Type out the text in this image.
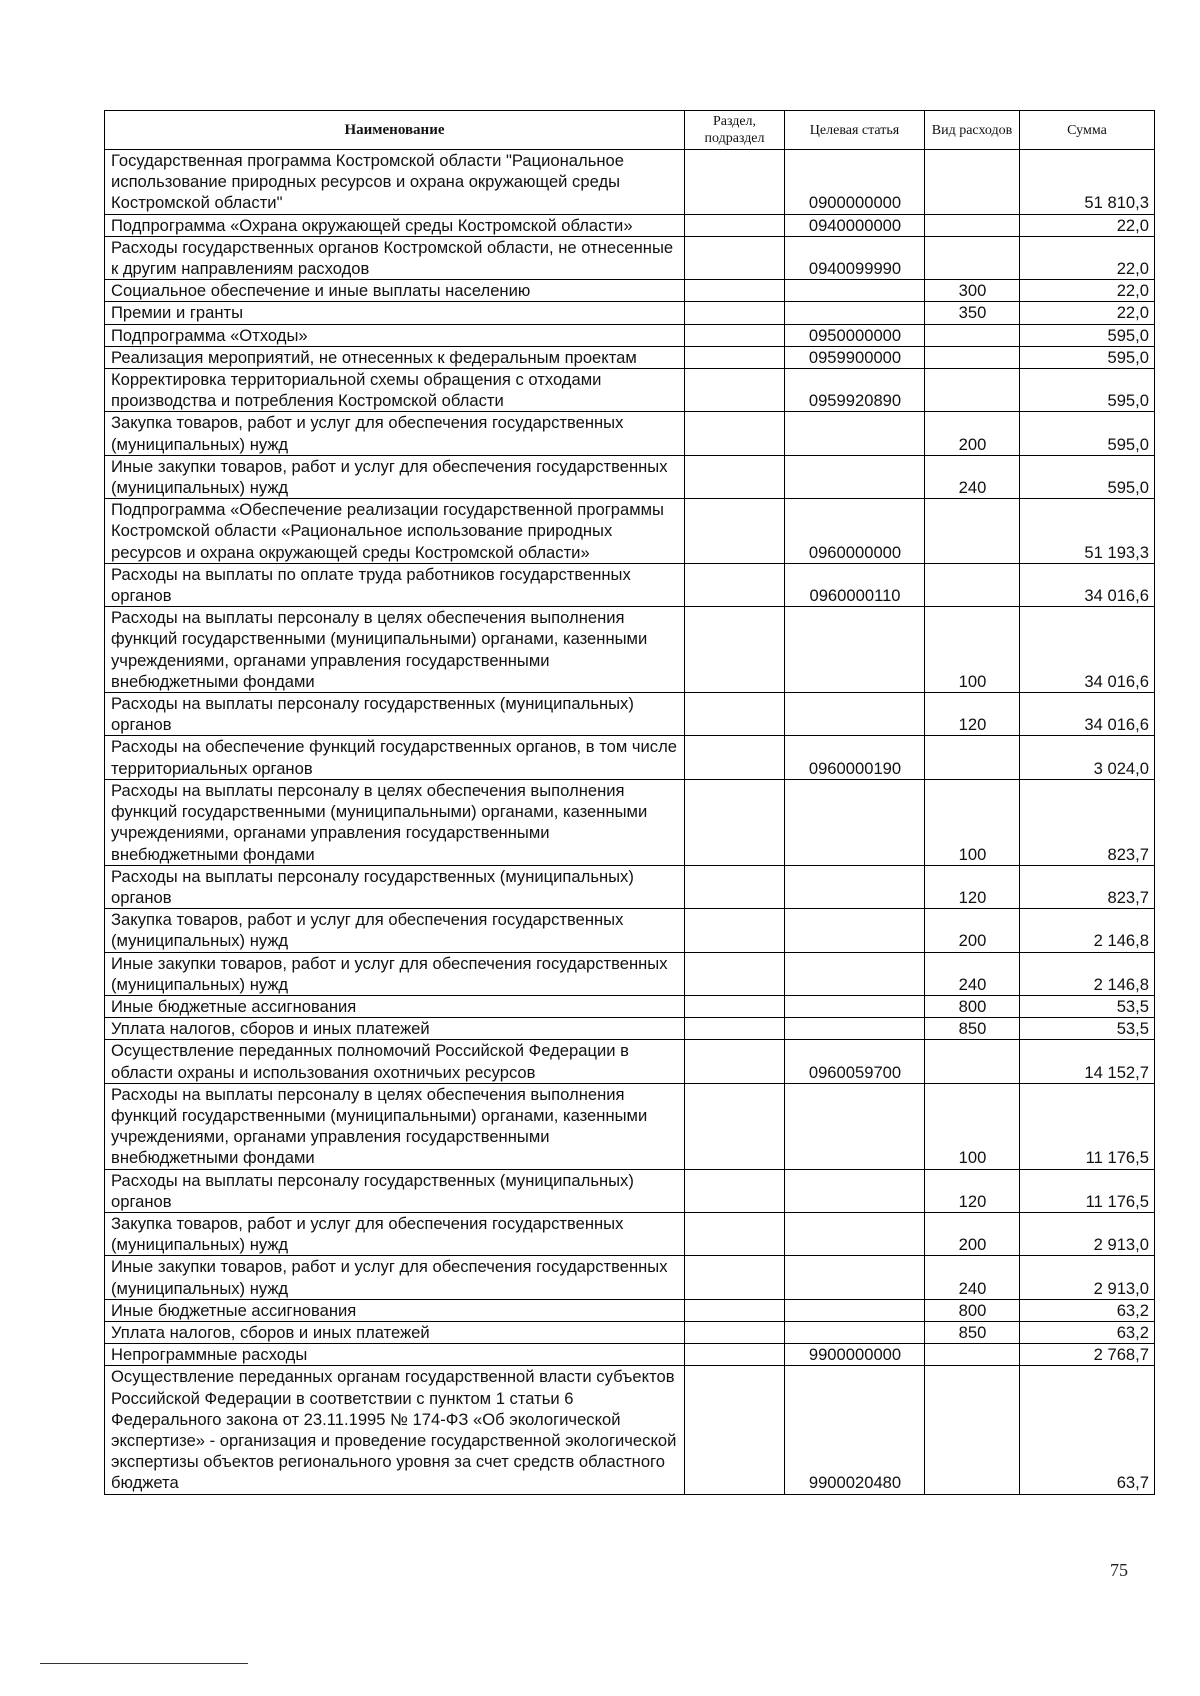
Наименование	Раздел, подраздел	Целевая статья	Вид расходов	Сумма
Государственная программа Костромской области "Рациональное использование природных ресурсов и охрана окружающей среды Костромской области"		0900000000		51 810,3
Подпрограмма «Охрана окружающей среды Костромской области»		0940000000		22,0
Расходы государственных органов Костромской области, не отнесенные к другим направлениям расходов		0940099990		22,0
Социальное обеспечение и иные выплаты населению			300	22,0
Премии и гранты			350	22,0
Подпрограмма «Отходы»		0950000000		595,0
Реализация мероприятий, не отнесенных к федеральным проектам		0959900000		595,0
Корректировка территориальной схемы обращения с отходами производства и потребления Костромской области		0959920890		595,0
Закупка товаров, работ и услуг для обеспечения государственных (муниципальных) нужд			200	595,0
Иные закупки товаров, работ и услуг для обеспечения государственных (муниципальных) нужд			240	595,0
Подпрограмма «Обеспечение реализации государственной программы Костромской области «Рациональное использование природных ресурсов и охрана окружающей среды Костромской области»		0960000000		51 193,3
Расходы на выплаты по оплате труда работников государственных органов		0960000110		34 016,6
Расходы на выплаты персоналу в целях обеспечения выполнения функций государственными (муниципальными) органами, казенными учреждениями, органами управления государственными внебюджетными фондами			100	34 016,6
Расходы на выплаты персоналу государственных (муниципальных) органов			120	34 016,6
Расходы на обеспечение функций государственных органов, в том числе территориальных органов		0960000190		3 024,0
Расходы на выплаты персоналу в целях обеспечения выполнения функций государственными (муниципальными) органами, казенными учреждениями, органами управления государственными внебюджетными фондами			100	823,7
Расходы на выплаты персоналу государственных (муниципальных) органов			120	823,7
Закупка товаров, работ и услуг для обеспечения государственных (муниципальных) нужд			200	2 146,8
Иные закупки товаров, работ и услуг для обеспечения государственных (муниципальных) нужд			240	2 146,8
Иные бюджетные ассигнования			800	53,5
Уплата налогов, сборов и иных платежей			850	53,5
Осуществление переданных полномочий Российской Федерации в области охраны и использования охотничьих ресурсов		0960059700		14 152,7
Расходы на выплаты персоналу в целях обеспечения выполнения функций государственными (муниципальными) органами, казенными учреждениями, органами управления государственными внебюджетными фондами			100	11 176,5
Расходы на выплаты персоналу государственных (муниципальных) органов			120	11 176,5
Закупка товаров, работ и услуг для обеспечения государственных (муниципальных) нужд			200	2 913,0
Иные закупки товаров, работ и услуг для обеспечения государственных (муниципальных) нужд			240	2 913,0
Иные бюджетные ассигнования			800	63,2
Уплата налогов, сборов и иных платежей			850	63,2
Непрограммные расходы		9900000000		2 768,7
Осуществление переданных органам государственной власти субъектов Российской Федерации в соответствии с пунктом 1 статьи 6 Федерального закона от 23.11.1995 № 174-ФЗ «Об экологической экспертизе» - организация и проведение государственной экологической экспертизы объектов регионального уровня за счет средств областного бюджета		9900020480		63,7
75
